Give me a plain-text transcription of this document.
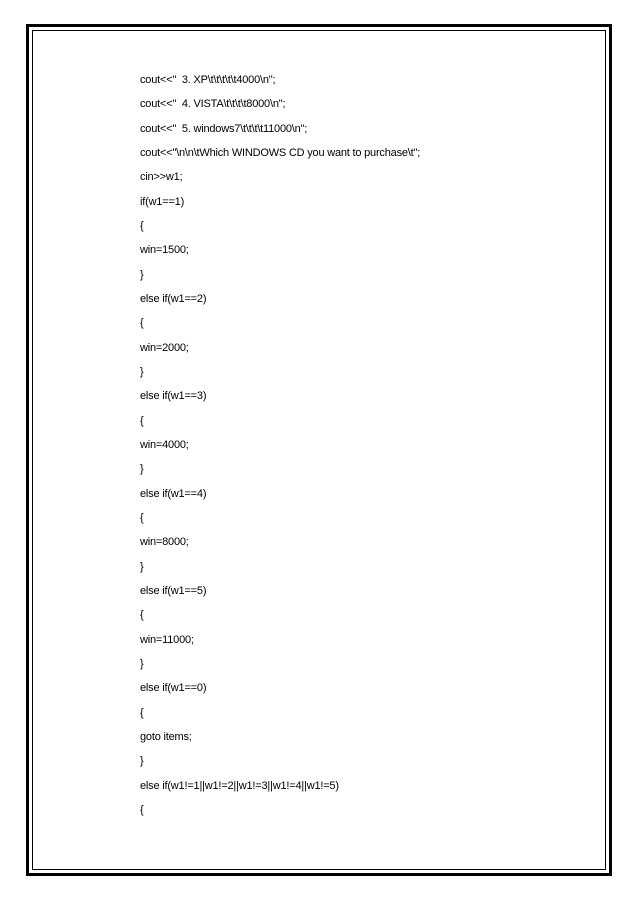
cout<<"  3. XP\t\t\t\t\t4000\n";
cout<<"  4. VISTA\t\t\t\t8000\n";
cout<<"  5. windows7\t\t\t\t11000\n";
cout<<"\n\n\tWhich WINDOWS CD you want to purchase\t";
cin>>w1;
if(w1==1)
{
win=1500;
}
else if(w1==2)
{
win=2000;
}
else if(w1==3)
{
win=4000;
}
else if(w1==4)
{
win=8000;
}
else if(w1==5)
{
win=11000;
}
else if(w1==0)
{
goto items;
}
else if(w1!=1||w1!=2||w1!=3||w1!=4||w1!=5)
{
